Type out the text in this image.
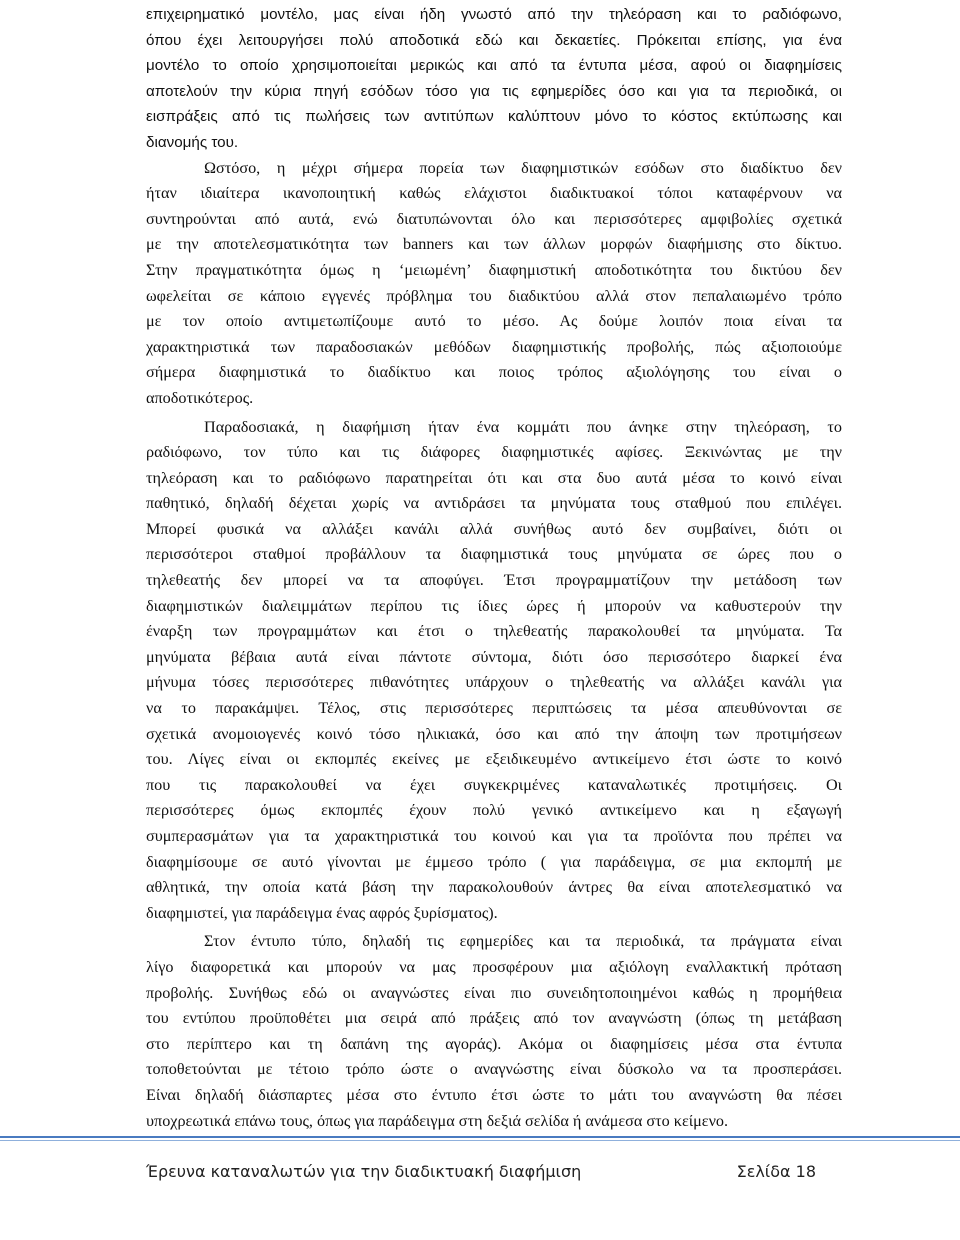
επιχειρηματικό μοντέλο, μας είναι ήδη γνωστό από την τηλεόραση και το ραδιόφωνο,
όπου έχει λειτουργήσει πολύ αποδοτικά εδώ και δεκαετίες. Πρόκειται επίσης, για ένα
μοντέλο το οποίο χρησιμοποιείται μερικώς και από τα έντυπα μέσα, αφού οι διαφημίσεις
αποτελούν την κύρια πηγή εσόδων τόσο για τις εφημερίδες όσο και για τα περιοδικά, οι
εισπράξεις από τις πωλήσεις των αντιτύπων καλύπτουν μόνο το κόστος εκτύπωσης και
διανομής του.
Ωστόσο, η μέχρι σήμερα πορεία των διαφημιστικών εσόδων στο διαδίκτυο δεν
ήταν ιδιαίτερα ικανοποιητική καθώς ελάχιστοι διαδικτυακοί τόποι καταφέρνουν να
συντηρούνται από αυτά, ενώ διατυπώνονται όλο και περισσότερες αμφιβολίες σχετικά
με την αποτελεσματικότητα των banners και των άλλων μορφών διαφήμισης στο δίκτυο.
Στην πραγματικότητα όμως η ‘μειωμένη’ διαφημιστική αποδοτικότητα του δικτύου δεν
ωφελείται σε κάποιο εγγενές πρόβλημα του διαδικτύου αλλά στον πεπαλαιωμένο τρόπο
με τον οποίο αντιμετωπίζουμε αυτό το μέσο. Ας δούμε λοιπόν ποια είναι τα
χαρακτηριστικά των παραδοσιακών μεθόδων διαφημιστικής προβολής, πώς αξιοποιούμε
σήμερα διαφημιστικά το διαδίκτυο και ποιος τρόπος αξιολόγησης του είναι ο
αποδοτικότερος.
Παραδοσιακά, η διαφήμιση ήταν ένα κομμάτι που άνηκε στην τηλεόραση, το
ραδιόφωνο, τον τύπο και τις διάφορες διαφημιστικές αφίσες. Ξεκινώντας με την
τηλεόραση και το ραδιόφωνο παρατηρείται ότι και στα δυο αυτά μέσα το κοινό είναι
παθητικό, δηλαδή δέχεται χωρίς να αντιδράσει τα μηνύματα τους σταθμού που επιλέγει.
Μπορεί φυσικά να αλλάξει κανάλι αλλά συνήθως αυτό δεν συμβαίνει, διότι οι
περισσότεροι σταθμοί προβάλλουν τα διαφημιστικά τους μηνύματα σε ώρες που ο
τηλεθεατής δεν μπορεί να τα αποφύγει. Έτσι προγραμματίζουν την μετάδοση των
διαφημιστικών διαλειμμάτων περίπου τις ίδιες ώρες ή μπορούν να καθυστερούν την
έναρξη των προγραμμάτων και έτσι ο τηλεθεατής παρακολουθεί τα μηνύματα. Τα
μηνύματα βέβαια αυτά είναι πάντοτε σύντομα, διότι όσο περισσότερο διαρκεί ένα
μήνυμα τόσες περισσότερες πιθανότητες υπάρχουν ο τηλεθεατής να αλλάξει κανάλι για
να το παρακάμψει. Τέλος, στις περισσότερες περιπτώσεις τα μέσα απευθύνονται σε
σχετικά ανομοιογενές κοινό τόσο ηλικιακά, όσο και από την άποψη των προτιμήσεων
του. Λίγες είναι οι εκπομπές εκείνες με εξειδικευμένο αντικείμενο έτσι ώστε το κοινό
που τις παρακολουθεί να έχει συγκεκριμένες καταναλωτικές προτιμήσεις. Οι
περισσότερες όμως εκπομπές έχουν πολύ γενικό αντικείμενο και η εξαγωγή
συμπερασμάτων για τα χαρακτηριστικά του κοινού και για τα προϊόντα που πρέπει να
διαφημίσουμε σε αυτό γίνονται με έμμεσο τρόπο ( για παράδειγμα, σε μια εκπομπή με
αθλητικά, την οποία κατά βάση την παρακολουθούν άντρες θα είναι αποτελεσματικό να
διαφημιστεί, για παράδειγμα ένας αφρός ξυρίσματος).
Στον έντυπο τύπο, δηλαδή τις εφημερίδες και τα περιοδικά, τα πράγματα είναι
λίγο διαφορετικά και μπορούν να μας προσφέρουν μια αξιόλογη εναλλακτική πρόταση
προβολής. Συνήθως εδώ οι αναγνώστες είναι πιο συνειδητοποιημένοι καθώς η προμήθεια
του εντύπου προϋποθέτει μια σειρά από πράξεις από τον αναγνώστη (όπως τη μετάβαση
στο περίπτερο και τη δαπάνη της αγοράς). Ακόμα οι διαφημίσεις μέσα στα έντυπα
τοποθετούνται με τέτοιο τρόπο ώστε ο αναγνώστης είναι δύσκολο να τα προσπεράσει.
Είναι δηλαδή διάσπαρτες μέσα στο έντυπο έτσι ώστε το μάτι του αναγνώστη θα πέσει
υποχρεωτικά επάνω τους, όπως για παράδειγμα στη δεξιά σελίδα ή ανάμεσα στο κείμενο.
Έρευνα καταναλωτών για την διαδικτυακή διαφήμιση	Σελίδα 18
